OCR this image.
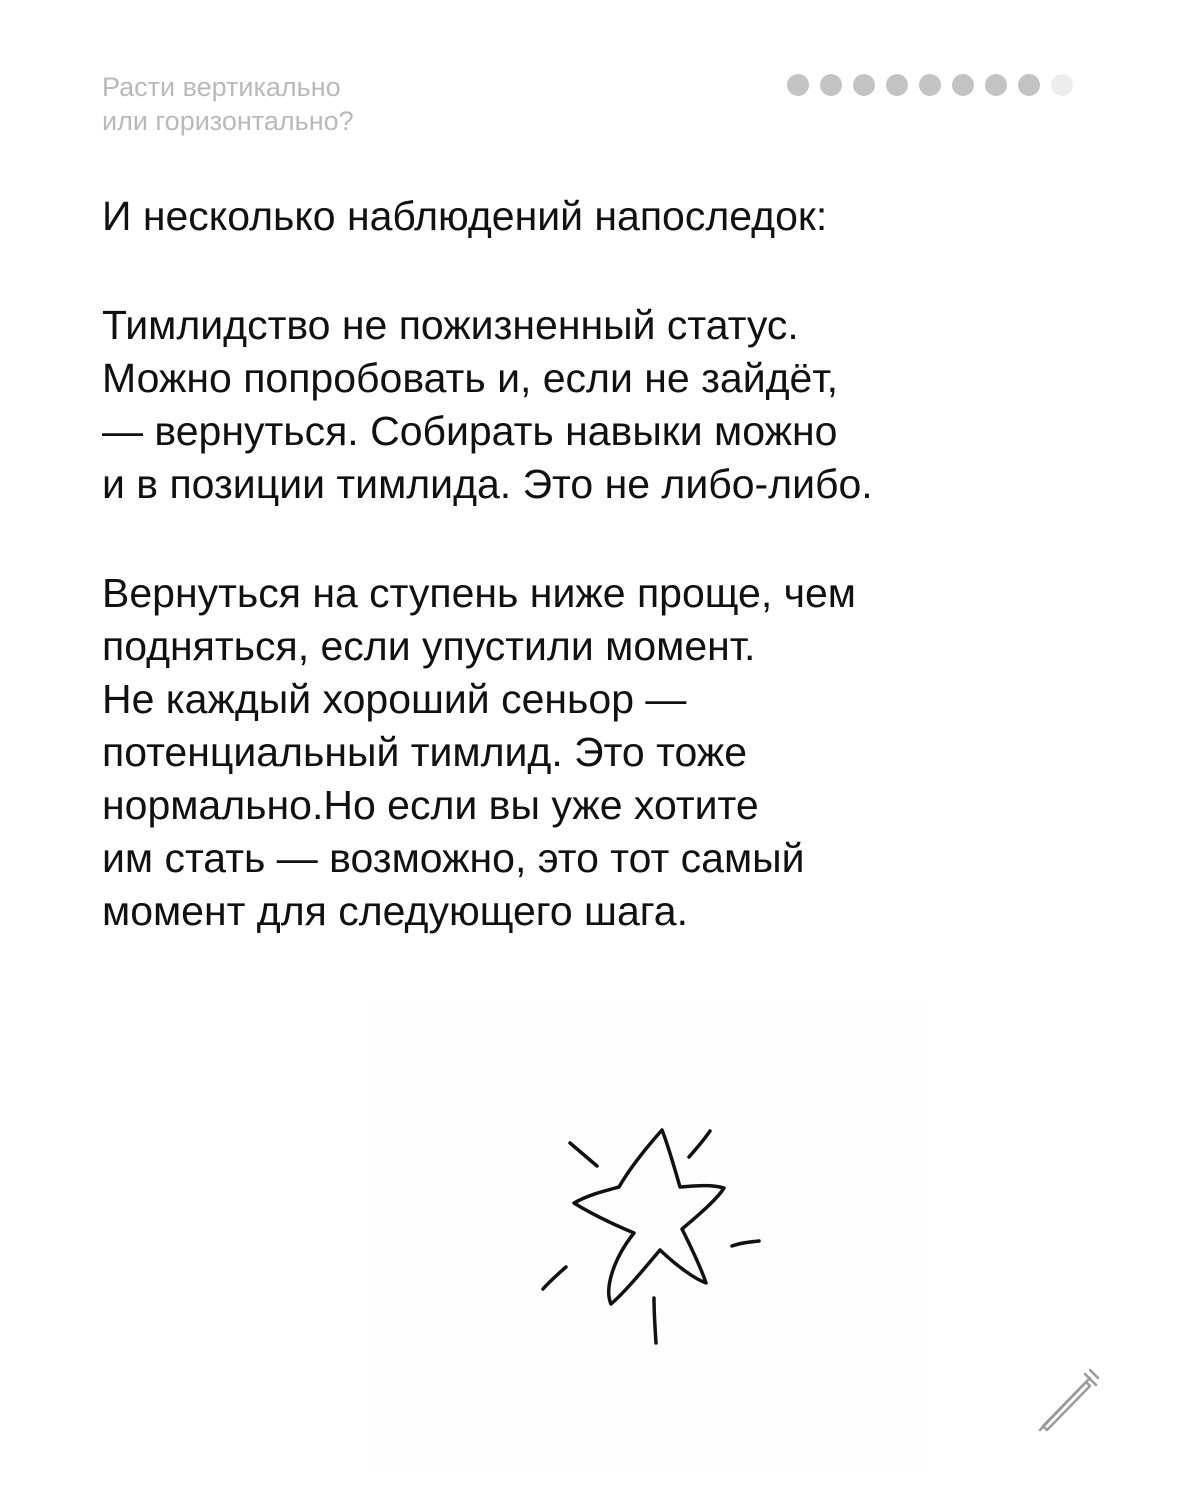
Расти вертикально
или горизонтально?
И несколько наблюдений напоследок:
Тимлидство не пожизненный статус.
Можно попробовать и, если не зайдёт,
— вернуться. Собирать навыки можно
и в позиции тимлида. Это не либо-либо.
Вернуться на ступень ниже проще, чем
подняться, если упустили момент.
Не каждый хороший сеньор —
потенциальный тимлид. Это тоже
нормально.Но если вы уже хотите
им стать — возможно, это тот самый
момент для следующего шага.
